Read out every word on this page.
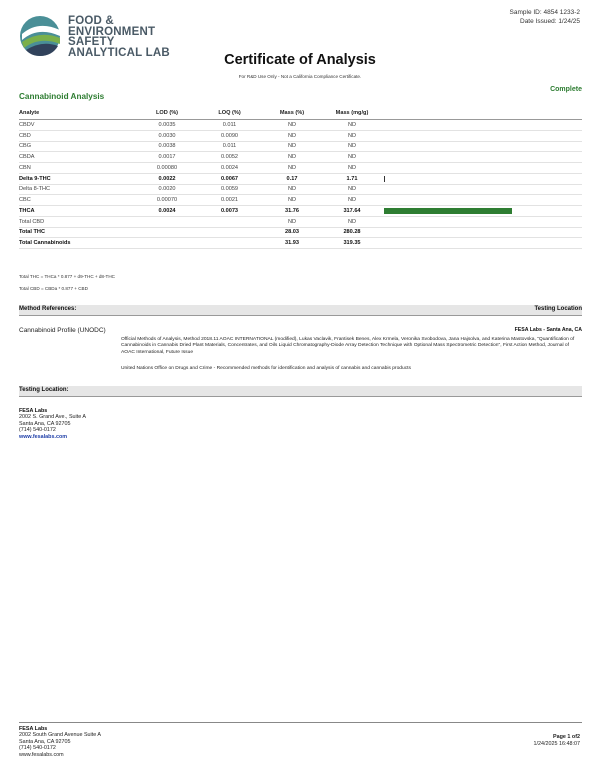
FOOD &
ENVIRONMENT
SAFETY
ANALYTICAL LAB
Sample ID: 4854 1233-2
Date Issued: 1/24/25
Certificate of Analysis
For R&D Use Only - Not a California Compliance Certificate.
Cannabinoid Analysis
Complete
Analyte	LOD (%)	LOQ (%)	Mass (%)	Mass (mg/g)	
CBDV	0.0035	0.011	ND	ND	
CBD	0.0030	0.0090	ND	ND	
CBG	0.0038	0.011	ND	ND	
CBDA	0.0017	0.0052	ND	ND	
CBN	0.00080	0.0024	ND	ND	
Delta 9-THC	0.0022	0.0067	0.17	1.71	

Delta 8-THC	0.0020	0.0059	ND	ND	
CBC	0.00070	0.0021	ND	ND	
THCA	0.0024	0.0073	31.76	317.64	

Total CBD			ND	ND	
Total THC			28.03	280.28	
Total Cannabinoids			31.93	319.35	
Total THC = THCa * 0.877 + d9-THC + d8-THC
Total CBD = CBDa * 0.877 + CBD
Method References:	Testing Location
Cannabinoid Profile (UNODC)	FESA Labs - Santa Ana, CA
Official Methods of Analysis, Method 2018.11 AOAC INTERNATIONAL (modified), Lukas Vaclavik, Frantisek Benes, Alex Krmela, Veronika Svobodova, Jana Hajsolva, and Katerina Mastovska, "Quantification of Cannabinoids in Cannabis Dried Plant Materials, Concentrates, and Oils Liquid Chromatography-Diode Array Detection Technique with Optional Mass Spectrometric Detection", First Action Method, Journal of AOAC International, Future Issue
United Nations Office on Drugs and Crime - Recommended methods for identification and analysis of cannabis and cannabis products
Testing Location:
FESA Labs
2002 S. Grand Ave., Suite A
Santa Ana, CA 92705
(714) 540-0172
www.fesalabs.com
FESA Labs
2002 South Grand Avenue Suite A
Santa Ana, CA 92705
(714) 540-0172
www.fesalabs.com
Page 1 of2
1/24/2025 16:48:07
